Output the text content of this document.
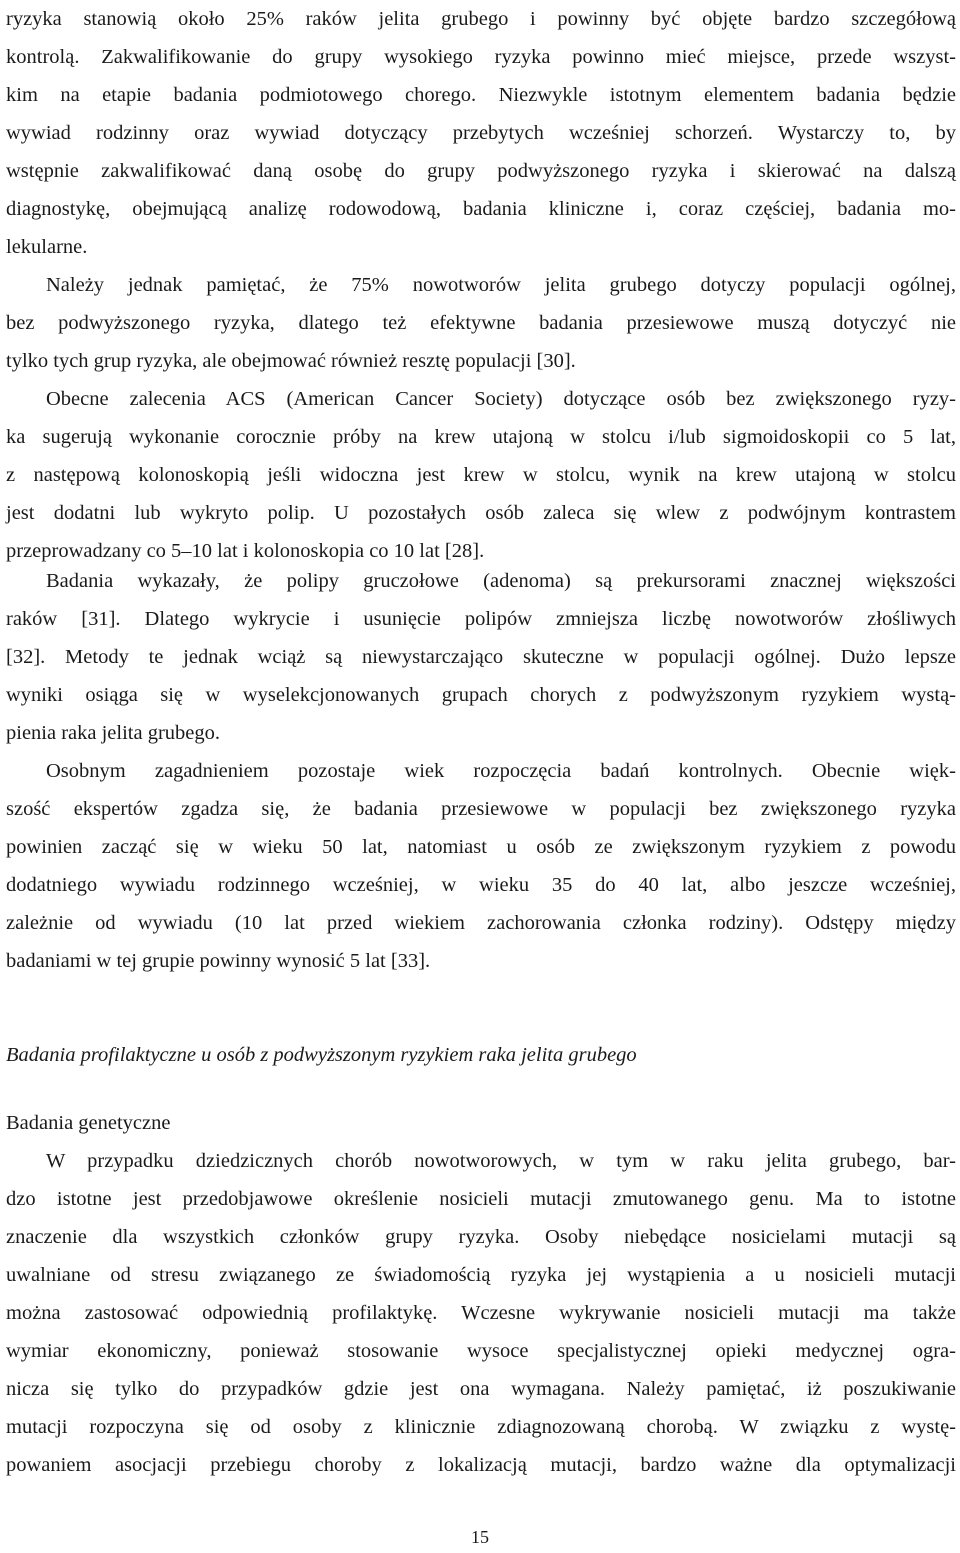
ryzyka stanowią około 25% raków jelita grubego i powinny być objęte bardzo szczegółową
kontrolą. Zakwalifikowanie do grupy wysokiego ryzyka powinno mieć miejsce, przede wszyst-
kim na etapie badania podmiotowego chorego. Niezwykle istotnym elementem badania będzie
wywiad rodzinny oraz wywiad dotyczący przebytych wcześniej schorzeń. Wystarczy to, by
wstępnie zakwalifikować daną osobę do grupy podwyższonego ryzyka i skierować na dalszą
diagnostykę, obejmującą analizę rodowodową, badania kliniczne i, coraz częściej, badania mo-
lekularne.
Należy jednak pamiętać, że 75% nowotworów jelita grubego dotyczy populacji ogólnej,
bez podwyższonego ryzyka, dlatego też efektywne badania przesiewowe muszą dotyczyć nie
tylko tych grup ryzyka, ale obejmować również resztę populacji [30].
Obecne zalecenia ACS (American Cancer Society) dotyczące osób bez zwiększonego ryzy-
ka sugerują wykonanie corocznie próby na krew utajoną w stolcu i/lub sigmoidoskopii co 5 lat,
z następową kolonoskopią jeśli widoczna jest krew w stolcu, wynik na krew utajoną w stolcu
jest dodatni lub wykryto polip. U pozostałych osób zaleca się wlew z podwójnym kontrastem
przeprowadzany co 5–10 lat i kolonoskopia co 10 lat [28].
Badania wykazały, że polipy gruczołowe (adenoma) są prekursorami znacznej większości
raków [31]. Dlatego wykrycie i usunięcie polipów zmniejsza liczbę nowotworów złośliwych
[32]. Metody te jednak wciąż są niewystarczająco skuteczne w populacji ogólnej. Dużo lepsze
wyniki osiąga się w wyselekcjonowanych grupach chorych z podwyższonym ryzykiem wystą-
pienia raka jelita grubego.
Osobnym zagadnieniem pozostaje wiek rozpoczęcia badań kontrolnych. Obecnie więk-
szość ekspertów zgadza się, że badania przesiewowe w populacji bez zwiększonego ryzyka
powinien zacząć się w wieku 50 lat, natomiast u osób ze zwiększonym ryzykiem z powodu
dodatniego wywiadu rodzinnego wcześniej, w wieku 35 do 40 lat, albo jeszcze wcześniej,
zależnie od wywiadu (10 lat przed wiekiem zachorowania członka rodziny). Odstępy między
badaniami w tej grupie powinny wynosić 5 lat [33].
Badania profilaktyczne u osób z podwyższonym ryzykiem raka jelita grubego
Badania genetyczne
W przypadku dziedzicznych chorób nowotworowych, w tym w raku jelita grubego, bar-
dzo istotne jest przedobjawowe określenie nosicieli mutacji zmutowanego genu. Ma to istotne
znaczenie dla wszystkich członków grupy ryzyka. Osoby niebędące nosicielami mutacji są
uwalniane od stresu związanego ze świadomością ryzyka jej wystąpienia a u nosicieli mutacji
można zastosować odpowiednią profilaktykę. Wczesne wykrywanie nosicieli mutacji ma także
wymiar ekonomiczny, ponieważ stosowanie wysoce specjalistycznej opieki medycznej ogra-
nicza się tylko do przypadków gdzie jest ona wymagana. Należy pamiętać, iż poszukiwanie
mutacji rozpoczyna się od osoby z klinicznie zdiagnozowaną chorobą. W związku z wystę-
powaniem asocjacji przebiegu choroby z lokalizacją mutacji, bardzo ważne dla optymalizacji
15
